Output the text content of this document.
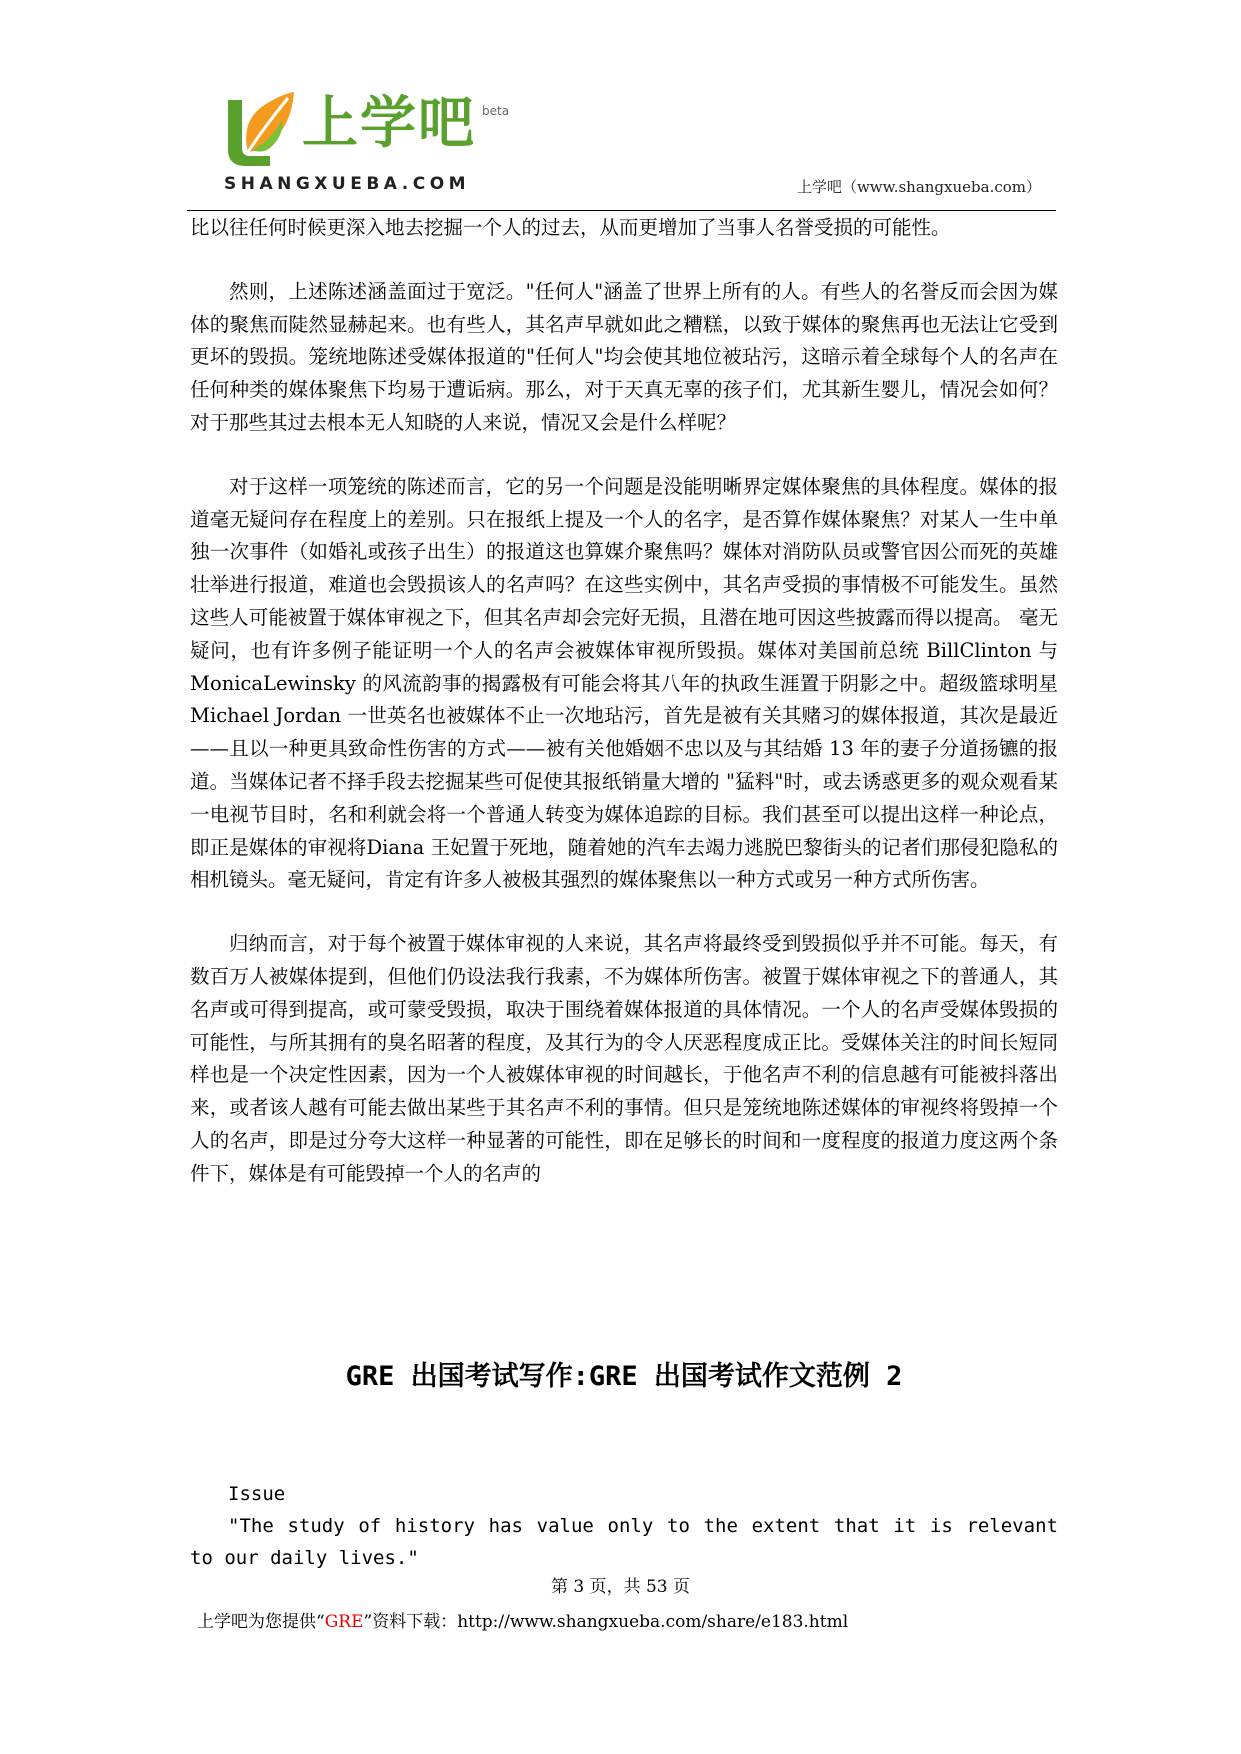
上学吧 beta
SHANGXUEBA.COM	上学吧（www.shangxueba.com）

比以往任何时候更深入地去挖掘一个人的过去，从而更增加了当事人名誉受损的可能性。

然则，上述陈述涵盖面过于宽泛。"任何人"涵盖了世界上所有的人。有些人的名誉反而会因为媒体的聚焦而陡然显赫起来。也有些人，其名声早就如此之糟糕，以致于媒体的聚焦再也无法让它受到更坏的毁损。笼统地陈述受媒体报道的"任何人"均会使其地位被玷污，这暗示着全球每个人的名声在任何种类的媒体聚焦下均易于遭诟病。那么，对于天真无辜的孩子们，尤其新生婴儿，情况会如何？对于那些其过去根本无人知晓的人来说，情况又会是什么样呢？

对于这样一项笼统的陈述而言，它的另一个问题是没能明晰界定媒体聚焦的具体程度。媒体的报道毫无疑问存在程度上的差别。只在报纸上提及一个人的名字，是否算作媒体聚焦？对某人一生中单独一次事件（如婚礼或孩子出生）的报道这也算媒介聚焦吗？媒体对消防队员或警官因公而死的英雄壮举进行报道，难道也会毁损该人的名声吗？在这些实例中，其名声受损的事情极不可能发生。虽然这些人可能被置于媒体审视之下，但其名声却会完好无损，且潜在地可因这些披露而得以提高。 毫无疑问，也有许多例子能证明一个人的名声会被媒体审视所毁损。媒体对美国前总统 BillClinton 与 MonicaLewinsky 的风流韵事的揭露极有可能会将其八年的执政生涯置于阴影之中。超级篮球明星 Michael Jordan 一世英名也被媒体不止一次地玷污，首先是被有关其赌习的媒体报道，其次是最近——且以一种更具致命性伤害的方式——被有关他婚姻不忠以及与其结婚 13 年的妻子分道扬镳的报道。当媒体记者不择手段去挖掘某些可促使其报纸销量大增的 "猛料"时，或去诱惑更多的观众观看某一电视节目时，名和利就会将一个普通人转变为媒体追踪的目标。我们甚至可以提出这样一种论点，即正是媒体的审视将Diana 王妃置于死地，随着她的汽车去竭力逃脱巴黎街头的记者们那侵犯隐私的相机镜头。毫无疑问，肯定有许多人被极其强烈的媒体聚焦以一种方式或另一种方式所伤害。

归纳而言，对于每个被置于媒体审视的人来说，其名声将最终受到毁损似乎并不可能。每天，有数百万人被媒体提到，但他们仍设法我行我素，不为媒体所伤害。被置于媒体审视之下的普通人，其名声或可得到提高，或可蒙受毁损，取决于围绕着媒体报道的具体情况。一个人的名声受媒体毁损的可能性，与所其拥有的臭名昭著的程度，及其行为的令人厌恶程度成正比。受媒体关注的时间长短同样也是一个决定性因素，因为一个人被媒体审视的时间越长，于他名声不利的信息越有可能被抖落出来，或者该人越有可能去做出某些于其名声不利的事情。但只是笼统地陈述媒体的审视终将毁掉一个人的名声，即是过分夸大这样一种显著的可能性，即在足够长的时间和一度程度的报道力度这两个条件下，媒体是有可能毁掉一个人的名声的

GRE 出国考试写作:GRE 出国考试作文范例 2

Issue

"The study of history has value only to the extent that it is relevant to our daily lives."

第 3 页，共 53 页
上学吧为您提供“GRE”资料下载：http://www.shangxueba.com/share/e183.html
